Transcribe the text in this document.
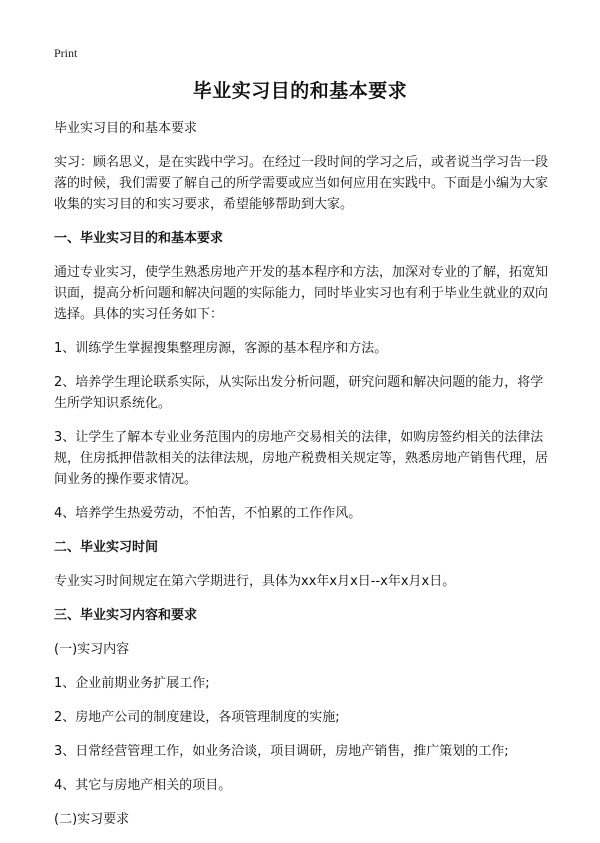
Print
毕业实习目的和基本要求

毕业实习目的和基本要求

实习：顾名思义，是在实践中学习。在经过一段时间的学习之后，或者说当学习告一段落的时候，我们需要了解自己的所学需要或应当如何应用在实践中。下面是小编为大家收集的实习目的和实习要求，希望能够帮助到大家。

一、毕业实习目的和基本要求

通过专业实习，使学生熟悉房地产开发的基本程序和方法，加深对专业的了解，拓宽知识面，提高分析问题和解决问题的实际能力，同时毕业实习也有利于毕业生就业的双向选择。具体的实习任务如下：

1、训练学生掌握搜集整理房源，客源的基本程序和方法。

2、培养学生理论联系实际，从实际出发分析问题，研究问题和解决问题的能力，将学生所学知识系统化。

3、让学生了解本专业业务范围内的房地产交易相关的法律，如购房签约相关的法律法规，住房抵押借款相关的法律法规，房地产税费相关规定等，熟悉房地产销售代理，居间业务的操作要求情况。

4、培养学生热爱劳动，不怕苦，不怕累的工作作风。

二、毕业实习时间

专业实习时间规定在第六学期进行，具体为xx年x月x日--x年x月x日。

三、毕业实习内容和要求

(一)实习内容

1、企业前期业务扩展工作;

2、房地产公司的制度建设，各项管理制度的实施;

3、日常经营管理工作，如业务洽谈，项目调研，房地产销售，推广策划的工作;

4、其它与房地产相关的项目。

(二)实习要求
